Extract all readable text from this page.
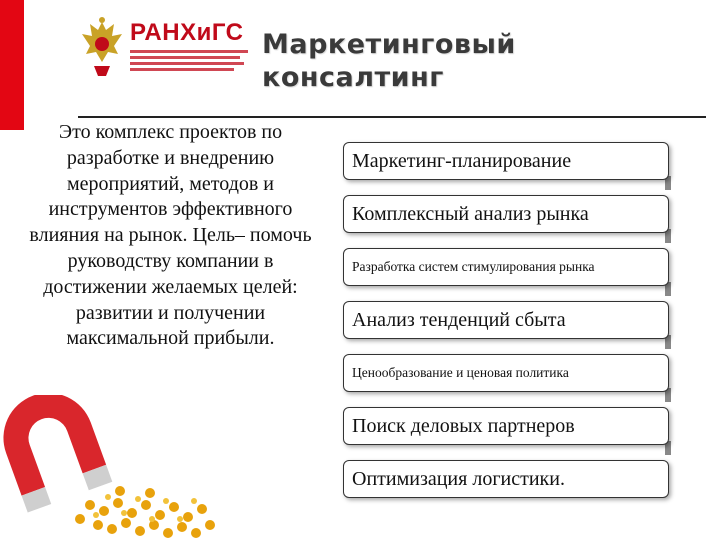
РАНХиГС Маркетинговый
консалтинг

Это комплекс проектов по разработке и внедрению мероприятий, методов и инструментов эффективного влияния на рынок. Цель– помочь руководству компании в достижении желаемых целей: развитии и получении максимальной прибыли.

Маркетинг-планирование
Комплексный анализ рынка
Разработка систем стимулирования рынка
Анализ тенденций сбыта
Ценообразование и ценовая политика
Поиск деловых партнеров
Оптимизация логистики.
